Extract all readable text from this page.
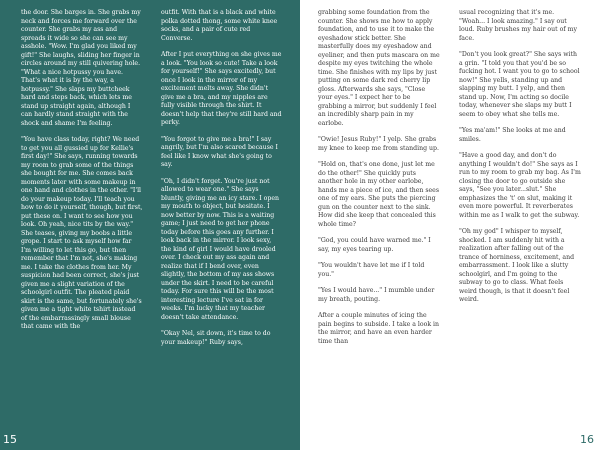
the door. She barges in. She grabs my neck and forces me forward over the counter. She grabs my ass and spreads it wide so she can see my asshole. "Wow. I'm glad you liked my gift!" She laughs, sliding her finger in circles around my still quivering hole. "What a nice hotpussy you have. That's what it is by the way, a hotpussy." She slaps my buttcheek hard and steps back, which lets me stand up straight again, although I can hardly stand straight with the shock and shame I'm feeling.

"You have class today, right? We need to get you all gussied up for Kellie's first day!" She says, running towards my room to grab some of the things she bought for me. She comes back moments later with some makeup in one hand and clothes in the other. "I'll do your makeup today. I'll teach you how to do it yourself, though, but first, put these on. I want to see how you look. Oh yeah, nice tits by the way." She teases, giving my boobs a little grope. I start to ask myself how far I'm willing to let this go, but then remember that I'm not, she's making me. I take the clothes from her. My suspicion had been correct, she's just given me a slight variation of the schoolgirl outfit. The pleated plaid skirt is the same, but fortunately she's given me a tight white tshirt instead of the embarrassingly small blouse that came with the

outfit. With that is a black and white polka dotted thong, some white knee socks, and a pair of cute red Converse.

After I put everything on she gives me a look. "You look so cute! Take a look for yourself!" She says excitedly, but once I look in the mirror of my excitement melts away. She didn't give me a bra, and my nipples are fully visible through the shirt. It doesn't help that they're still hard and perky.

"You forgot to give me a bra!" I say angrily, but I'm also scared because I feel like I know what she's going to say.

"Oh, I didn't forget. You're just not allowed to wear one." She says bluntly, giving me an icy stare. I open my mouth to object, but hesitate. I now better by now. This is a waiting game; I just need to get her phone today before this goes any further. I look back in the mirror. I look sexy, the kind of girl I would have drooled over. I check out my ass again and realize that if I bend over, even slightly, the bottom of my ass shows under the skirt. I need to be careful today. For sure this will be the most interesting lecture I've sat in for weeks. I'm lucky that my teacher doesn't take attendance.

"Okay Nel, sit down, it's time to do your makeup!" Ruby says,

15

grabbing some foundation from the counter. She shows me how to apply foundation, and to use it to make the eyeshadow stick better. She masterfully does my eyeshadow and eyeliner, and then puts mascara on me despite my eyes twitching the whole time. She finishes with my lips by just putting on some dark red cherry lip gloss. Afterwards she says, "Close your eyes." I expect her to be grabbing a mirror, but suddenly I feel an incredibly sharp pain in my earlobe.

"Owie! Jesus Ruby!" I yelp. She grabs my knee to keep me from standing up.

"Hold on, that's one done, just let me do the other!" She quickly puts another hole in my other earlobe, hands me a piece of ice, and then sees one of my ears. She puts the piercing gun on the counter next to the sink. How did she keep that concealed this whole time?

"God, you could have warned me." I say, my eyes tearing up.

"You wouldn't have let me if I told you."

"Yes I would have..." I mumble under my breath, pouting.

After a couple minutes of icing the pain begins to subside. I take a look in the mirror, and have an even harder time than

usual recognizing that it's me. "Woah... I look amazing." I say out loud. Ruby brushes my hair out of my face.

"Don't you look great?" She says with a grin. "I told you that you'd be so fucking hot. I want you to go to school now!" She yells, standing up and slapping my butt. I yelp, and then stand up. Now, I'm acting so docile today, whenever she slaps my butt I seem to obey what she tells me.

"Yes ma'am!" She looks at me and smiles.

"Have a good day, and don't do anything I wouldn't do!" She says as I run to my room to grab my bag. As I'm closing the door to go outside she says, "See you later...slut." She emphasizes the 't' on slut, making it even more powerful. It reverberates within me as I walk to get the subway.

"Oh my god" I whisper to myself, shocked. I am suddenly hit with a realization after falling out of the trance of horniness, excitement, and embarrassment. I look like a slutty schoolgirl, and I'm going to the subway to go to class. What feels weird though, is that it doesn't feel weird.

16
